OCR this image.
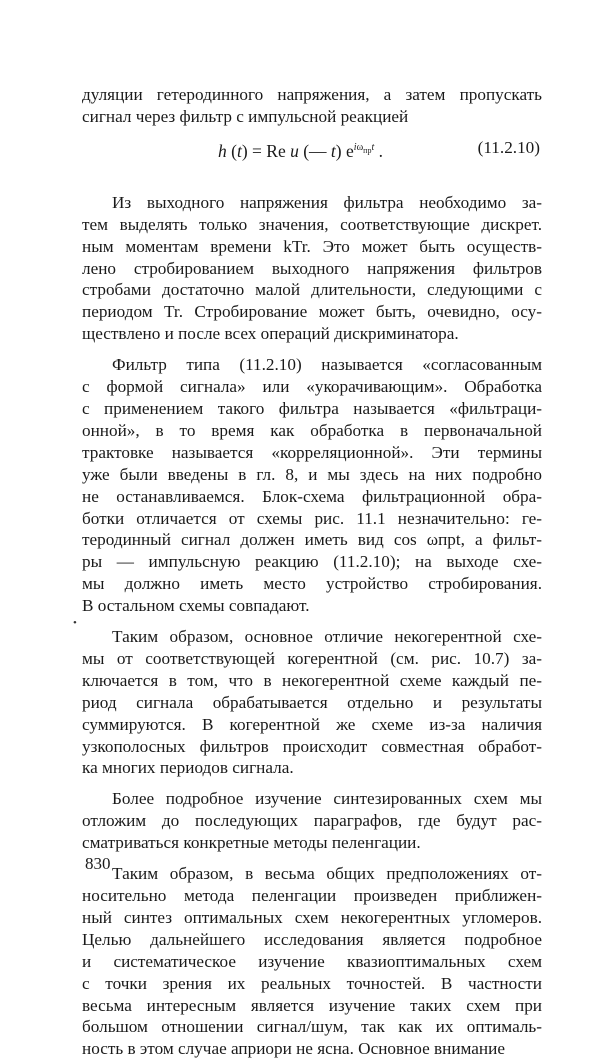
дуляции гетеродинного напряжения, а затем пропускать
сигнал через фильтр с импульсной реакцией
h (t) = Re u (— t) $e^{i\omega_{пр}t}$ .	(11.2.10)
Из выходного напряжения фильтра необходимо за-
тем выделять только значения, соответствующие дискрет.
ным моментам времени kTr. Это может быть осуществ-
лено стробированием выходного напряжения фильтров
стробами достаточно малой длительности, следующими с
периодом Tr. Стробирование может быть, очевидно, осу-
ществлено и после всех операций дискриминатора.
Фильтр типа (11.2.10) называется «согласованным
с формой сигнала» или «укорачивающим». Обработка
с применением такого фильтра называется «фильтраци-
онной», в то время как обработка в первоначальной
трактовке называется «корреляционной». Эти термины
уже были введены в гл. 8, и мы здесь на них подробно
не останавливаемся. Блок-схема фильтрационной обра-
ботки отличается от схемы рис. 11.1 незначительно: ге-
теродинный сигнал должен иметь вид cos ωпрt, а фильт-
ры — импульсную реакцию (11.2.10); на выходе схе-
мы должно иметь место устройство стробирования.
В остальном схемы совпадают.
Таким образом, основное отличие некогерентной схе-
мы от соответствующей когерентной (см. рис. 10.7) за-
ключается в том, что в некогерентной схеме каждый пе-
риод сигнала обрабатывается отдельно и результаты
суммируются. В когерентной же схеме из-за наличия
узкополосных фильтров происходит совместная обработ-
ка многих периодов сигнала.
Более подробное изучение синтезированных схем мы
отложим до последующих параграфов, где будут рас-
сматриваться конкретные методы пеленгации.
Таким образом, в весьма общих предположениях от-
носительно метода пеленгации произведен приближен-
ный синтез оптимальных схем некогерентных угломеров.
Целью дальнейшего исследования является подробное
и систематическое изучение квазиоптимальных схем
с точки зрения их реальных точностей. В частности
весьма интересным является изучение таких схем при
большом отношении сигнал/шум, так как их оптималь-
ность в этом случае априори не ясна. Основное внимание
•
830
